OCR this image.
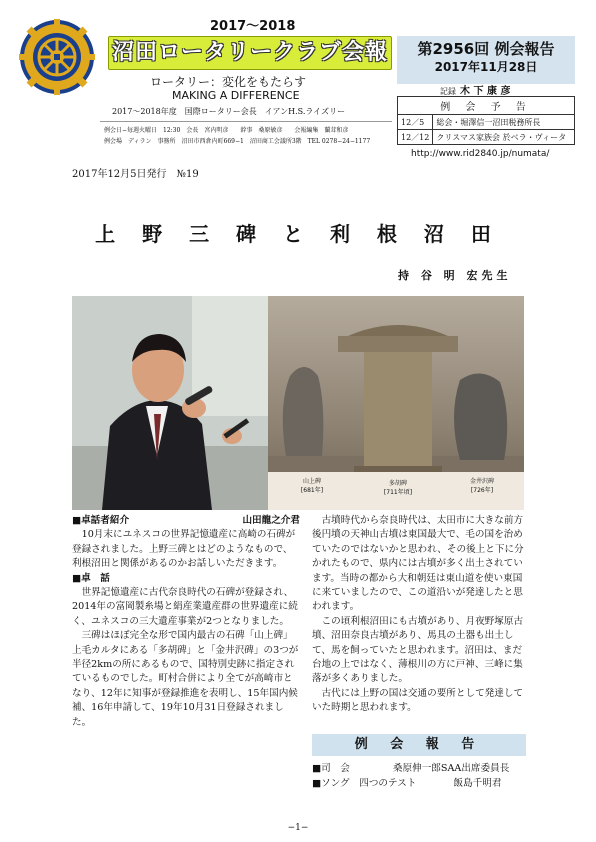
2017〜2018
沼田ロータリークラブ会報
ロータリー：変化をもたらす
MAKING A DIFFERENCE
2017〜2018年度　国際ロータリー会長　イアンH.S.ライズリー
例会日−毎週火曜日　12:30　会長　宮内明彦　　幹事　桑原敏彦　　会報編集　蘭茸和彦
例会場　ディラン　事務所　沼田市西倉内町669−1　沼田商工会議所3階　TEL 0278−24−1177
第2956回 例会報告
2017年11月28日
記録 木 下 康 彦
例 会 予 告	
12／5	総会・堀澤信一沼田税務所長
12／12	クリスマス家族会 於ベラ・ヴィータ
http://www.rid2840.jp/numata/
2017年12月5日発行　№19
上 野 三 碑 と 利 根 沼 田
持 谷 明 宏先生
山上碑
[681年]
多胡碑
[711年頃]
金井沢碑
[726年]

■卓話者紹介	山田龍之介君

10月末にユネスコの世界記憶遺産に高崎の石碑が登録されました。上野三碑とはどのようなもので、利根沼田と関係があるのかお話しいただきます。

■卓　話

世界記憶遺産に古代奈良時代の石碑が登録され、2014年の富岡製糸場と絹産業遺産群の世界遺産に続く、ユネスコの三大遺産事業が2つとなりました。

三碑はほぼ完全な形で国内最古の石碑「山上碑」上毛カルタにある「多胡碑」と「金井沢碑」の3つが半径2kmの所にあるもので、国特別史跡に指定されているものでした。町村合併により全てが高崎市となり、12年に知事が登録推進を表明し、15年国内候補、16年申請して、19年10月31日登録されました。

古墳時代から奈良時代は、太田市に大きな前方後円墳の天神山古墳は東国最大で、毛の国を治めていたのではないかと思われ、その後上と下に分かれたもので、県内には古墳が多く出土されています。当時の都から大和朝廷は東山道を使い東国に来ていましたので、この道沿いが発達したと思われます。

この頃利根沼田にも古墳があり、月夜野塚原古墳、沼田奈良古墳があり、馬具の土器も出土して、馬を飼っていたと思われます。沼田は、まだ台地の上ではなく、薄根川の方に戸神、三峰に集落が多くありました。

古代には上野の国は交通の要所として発達していた時期と思われます。

例 会 報 告
■司　会	桑原伸一郎SAA出席委員長
■ソング　四つのテスト	飯島千明君
−1−
